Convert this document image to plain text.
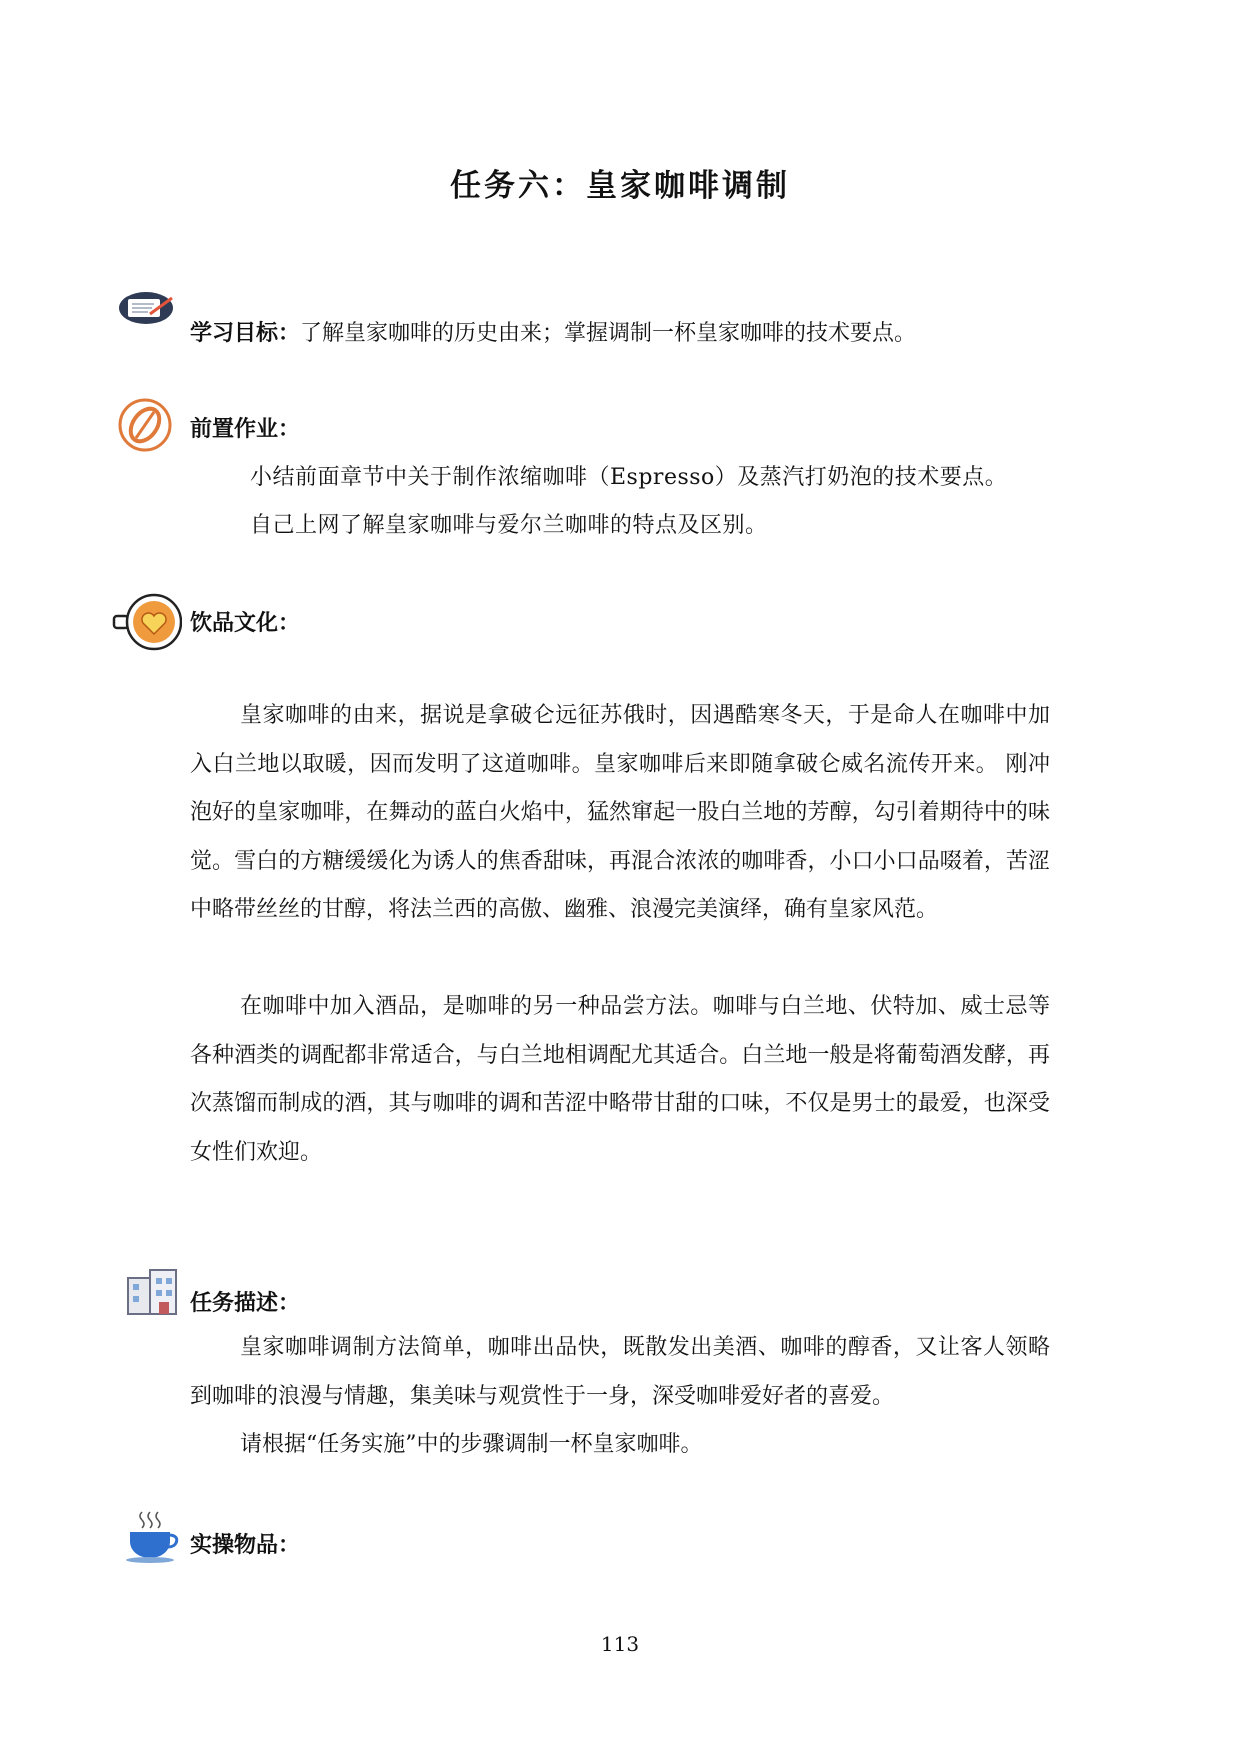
任务六：皇家咖啡调制
学习目标：了解皇家咖啡的历史由来；掌握调制一杯皇家咖啡的技术要点。
前置作业：
小结前面章节中关于制作浓缩咖啡（Espresso）及蒸汽打奶泡的技术要点。
自己上网了解皇家咖啡与爱尔兰咖啡的特点及区别。
饮品文化：

皇家咖啡的由来，据说是拿破仑远征苏俄时，因遇酷寒冬天，于是命人在咖啡中加入白兰地以取暖，因而发明了这道咖啡。皇家咖啡后来即随拿破仑威名流传开来。 刚冲泡好的皇家咖啡，在舞动的蓝白火焰中，猛然窜起一股白兰地的芳醇，勾引着期待中的味觉。雪白的方糖缓缓化为诱人的焦香甜味，再混合浓浓的咖啡香，小口小口品啜着，苦涩中略带丝丝的甘醇，将法兰西的高傲、幽雅、浪漫完美演绎，确有皇家风范。

在咖啡中加入酒品，是咖啡的另一种品尝方法。咖啡与白兰地、伏特加、威士忌等各种酒类的调配都非常适合，与白兰地相调配尤其适合。白兰地一般是将葡萄酒发酵，再次蒸馏而制成的酒，其与咖啡的调和苦涩中略带甘甜的口味，不仅是男士的最爱，也深受女性们欢迎。

任务描述：

皇家咖啡调制方法简单，咖啡出品快，既散发出美酒、咖啡的醇香，又让客人领略到咖啡的浪漫与情趣，集美味与观赏性于一身，深受咖啡爱好者的喜爱。

请根据“任务实施”中的步骤调制一杯皇家咖啡。

实操物品：
113
